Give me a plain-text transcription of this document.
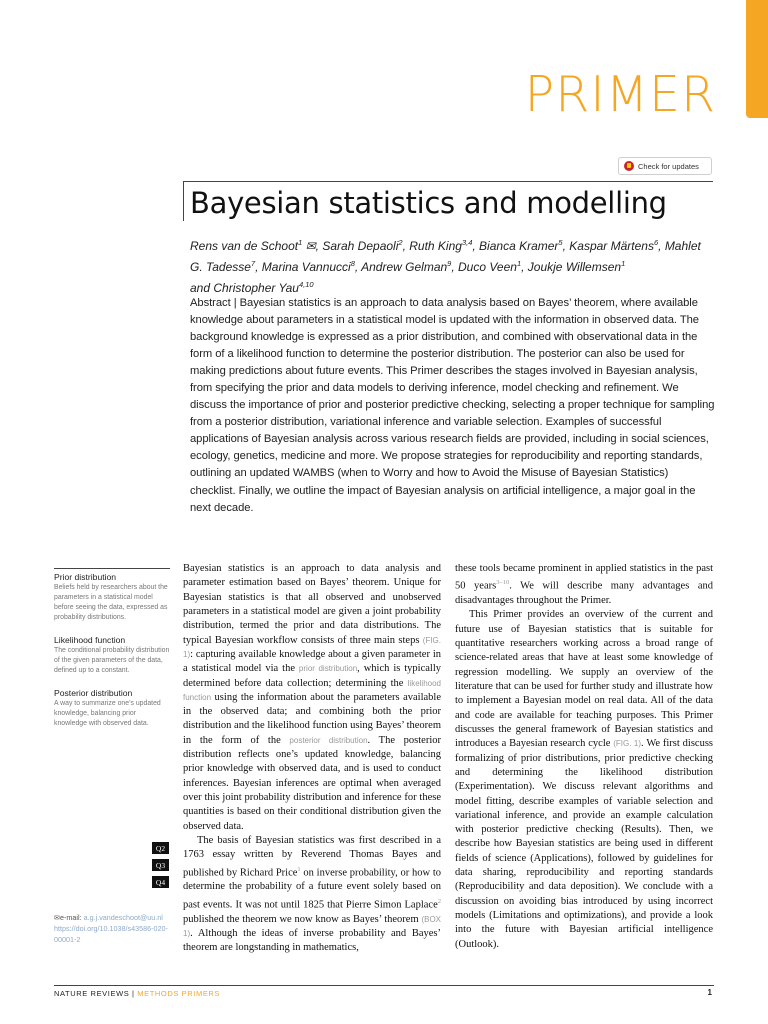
PRIMER
Check for updates
Bayesian statistics and modelling
Rens van de Schoot$^1$ ✉, Sarah Depaoli$^2$, Ruth King$^{3,4}$, Bianca Kramer$^5$, Kaspar Märtens$^6$, Mahlet G. Tadesse$^7$, Marina Vannucci$^8$, Andrew Gelman$^9$, Duco Veen$^1$, Joukje Willemsen$^1$
and Christopher Yau$^{4,10}$
Abstract | Bayesian statistics is an approach to data analysis based on Bayes’ theorem, where available knowledge about parameters in a statistical model is updated with the information in observed data. The background knowledge is expressed as a prior distribution, and combined with observational data in the form of a likelihood function to determine the posterior distribution. The posterior can also be used for making predictions about future events. This Primer describes the stages involved in Bayesian analysis, from specifying the prior and data models to deriving inference, model checking and refinement. We discuss the importance of prior and posterior predictive checking, selecting a proper technique for sampling from a posterior distribution, variational inference and variable selection. Examples of successful applications of Bayesian analysis across various research fields are provided, including in social sciences, ecology, genetics, medicine and more. We propose strategies for reproducibility and reporting standards, outlining an updated WAMBS (when to Worry and how to Avoid the Misuse of Bayesian Statistics) checklist. Finally, we outline the impact of Bayesian analysis on artificial intelligence, a major goal in the next decade.
Prior distribution
Beliefs held by researchers about the parameters in a statistical model before seeing the data, expressed as probability distributions.
Likelihood function
The conditional probability distribution of the given parameters of the data, defined up to a constant.
Posterior distribution
A way to summarize one’s updated knowledge, balancing prior knowledge with observed data.
Q2
Q3
Q4
✉e-mail: a.g.j.vandeschoot@uu.nl
https://doi.org/10.1038/s43586-020-00001-2

Bayesian statistics is an approach to data analysis and parameter estimation based on Bayes’ theorem. Unique for Bayesian statistics is that all observed and unobserved parameters in a statistical model are given a joint probability distribution, termed the prior and data distributions. The typical Bayesian workflow consists of three main steps (FIG. 1): capturing available knowledge about a given parameter in a statistical model via the prior distribution, which is typically determined before data collection; determining the likelihood function using the information about the parameters available in the observed data; and combining both the prior distribution and the likelihood function using Bayes’ theorem in the form of the posterior distribution. The posterior distribution reflects one’s updated knowledge, balancing prior knowledge with observed data, and is used to conduct inferences. Bayesian inferences are optimal when averaged over this joint probability distribution and inference for these quantities is based on their conditional distribution given the observed data.

The basis of Bayesian statistics was first described in a 1763 essay written by Reverend Thomas Bayes and published by Richard Price$^1$ on inverse probability, or how to determine the probability of a future event solely based on past events. It was not until 1825 that Pierre Simon Laplace$^2$ published the theorem we now know as Bayes’ theorem (BOX 1). Although the ideas of inverse probability and Bayes’ theorem are longstanding in mathematics,

these tools became prominent in applied statistics in the past 50 years$^{3-10}$. We will describe many advantages and disadvantages throughout the Primer.

This Primer provides an overview of the current and future use of Bayesian statistics that is suitable for quantitative researchers working across a broad range of science-related areas that have at least some knowledge of regression modelling. We supply an overview of the literature that can be used for further study and illustrate how to implement a Bayesian model on real data. All of the data and code are available for teaching purposes. This Primer discusses the general framework of Bayesian statistics and introduces a Bayesian research cycle (FIG. 1). We first discuss formalizing of prior distributions, prior predictive checking and determining the likelihood distribution (Experimentation). We discuss relevant algorithms and model fitting, describe examples of variable selection and variational inference, and provide an example calculation with posterior predictive checking (Results). Then, we describe how Bayesian statistics are being used in different fields of science (Applications), followed by guidelines for data sharing, reproducibility and reporting standards (Reproducibility and data deposition). We conclude with a discussion on avoiding bias introduced by using incorrect models (Limitations and optimizations), and provide a look into the future with Bayesian artificial intelligence (Outlook).

NATURE REVIEWS | METHODS PRIMERS	1
